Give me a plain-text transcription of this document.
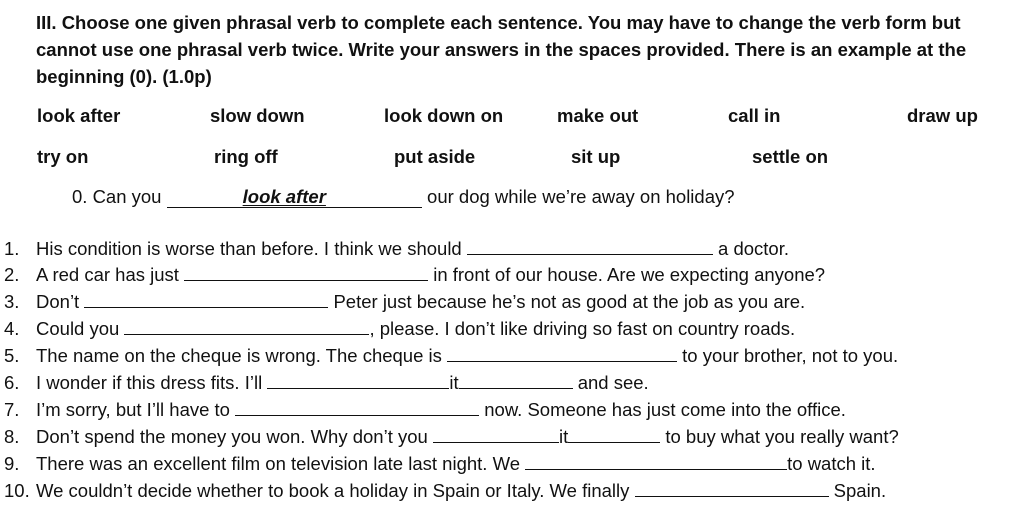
III. Choose one given phrasal verb to complete each sentence. You may have to change the verb form but cannot use one phrasal verb twice. Write your answers in the spaces provided. There is an example at the beginning (0). (1.0p)
look after	slow down	look down on	make out	call in	draw up
try on	ring off	put aside	sit up	settle on
0. Can you	look after	our dog while we’re away on holiday?
1. His condition is worse than before. I think we should	a doctor.
2. A red car has just	in front of our house. Are we expecting anyone?
3. Don’t	Peter just because he’s not as good at the job as you are.
4. Could you	, please. I don’t like driving so fast on country roads.
5. The name on the cheque is wrong. The cheque is	to your brother, not to you.
6. I wonder if this dress fits. I’ll	it	and see.
7. I’m sorry, but I’ll have to	now. Someone has just come into the office.
8. Don’t spend the money you won. Why don’t you	it	to buy what you really want?
9. There was an excellent film on television late last night. We	to watch it.
10. We couldn’t decide whether to book a holiday in Spain or Italy. We finally	Spain.
